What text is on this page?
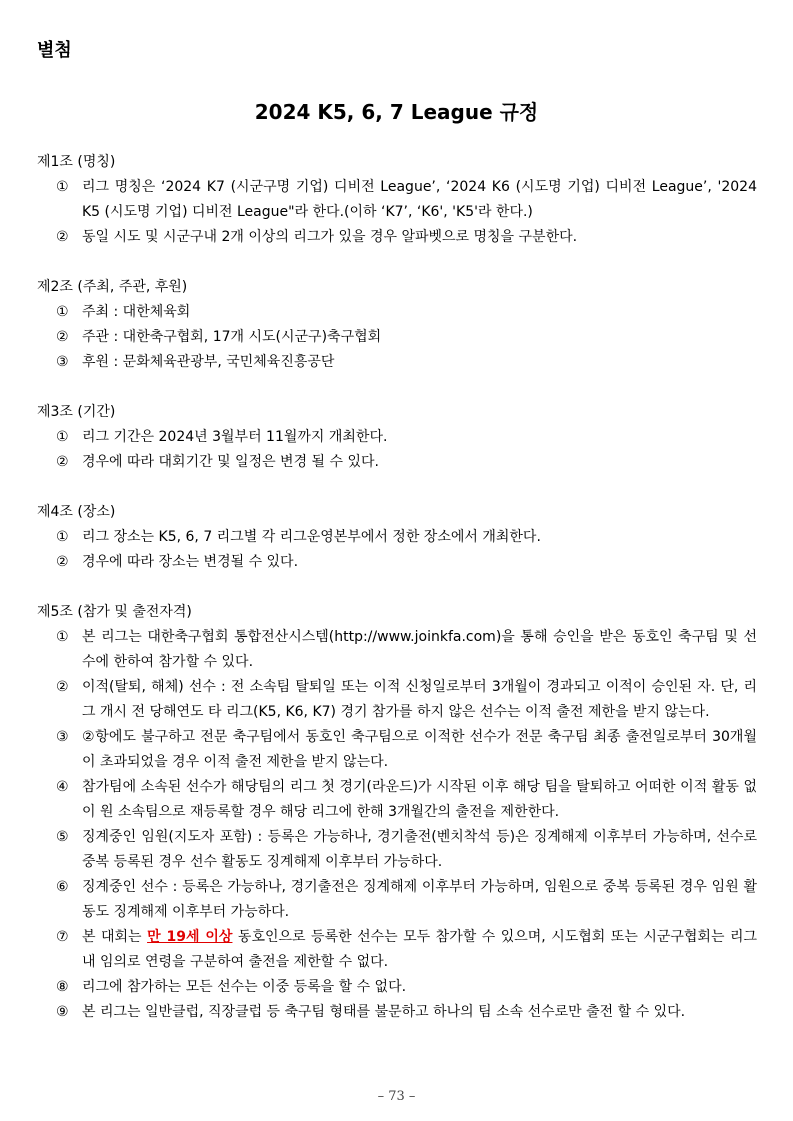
별첨
2024 K5, 6, 7 League 규정
제1조 (명칭)
① 리그 명칭은 ‘2024 K7 (시군구명 기업) 디비전 League’, ‘2024 K6 (시도명 기업) 디비전 League’, '2024 K5 (시도명 기업) 디비전 League"라 한다.(이하 ‘K7’, ‘K6', 'K5'라 한다.)
② 동일 시도 및 시군구내 2개 이상의 리그가 있을 경우 알파벳으로 명칭을 구분한다.
제2조 (주최, 주관, 후원)
① 주최 : 대한체육회
② 주관 : 대한축구협회, 17개 시도(시군구)축구협회
③ 후원 : 문화체육관광부, 국민체육진흥공단
제3조 (기간)
① 리그 기간은 2024년 3월부터 11월까지 개최한다.
② 경우에 따라 대회기간 및 일정은 변경 될 수 있다.
제4조 (장소)
① 리그 장소는 K5, 6, 7 리그별 각 리그운영본부에서 정한 장소에서 개최한다.
② 경우에 따라 장소는 변경될 수 있다.
제5조 (참가 및 출전자격)
① 본 리그는 대한축구협회 통합전산시스템(http://www.joinkfa.com)을 통해 승인을 받은 동호인 축구팀 및 선수에 한하여 참가할 수 있다.
② 이적(탈퇴, 해체) 선수 : 전 소속팀 탈퇴일 또는 이적 신청일로부터 3개월이 경과되고 이적이 승인된 자. 단, 리그 개시 전 당해연도 타 리그(K5, K6, K7) 경기 참가를 하지 않은 선수는 이적 출전 제한을 받지 않는다.
③ ②항에도 불구하고 전문 축구팀에서 동호인 축구팀으로 이적한 선수가 전문 축구팀 최종 출전일로부터 30개월이 초과되었을 경우 이적 출전 제한을 받지 않는다.
④ 참가팀에 소속된 선수가 해당팀의 리그 첫 경기(라운드)가 시작된 이후 해당 팀을 탈퇴하고 어떠한 이적 활동 없이 원 소속팀으로 재등록할 경우 해당 리그에 한해 3개월간의 출전을 제한한다.
⑤ 징계중인 임원(지도자 포함) : 등록은 가능하나, 경기출전(벤치착석 등)은 징계해제 이후부터 가능하며, 선수로 중복 등록된 경우 선수 활동도 징계해제 이후부터 가능하다.
⑥ 징계중인 선수 : 등록은 가능하나, 경기출전은 징계해제 이후부터 가능하며, 임원으로 중복 등록된 경우 임원 활동도 징계해제 이후부터 가능하다.
⑦ 본 대회는 만 19세 이상 동호인으로 등록한 선수는 모두 참가할 수 있으며, 시도협회 또는 시군구협회는 리그 내 임의로 연령을 구분하여 출전을 제한할 수 없다.
⑧ 리그에 참가하는 모든 선수는 이중 등록을 할 수 없다.
⑨ 본 리그는 일반클럽, 직장클럽 등 축구팀 형태를 불문하고 하나의 팀 소속 선수로만 출전 할 수 있다.
– 73 –
